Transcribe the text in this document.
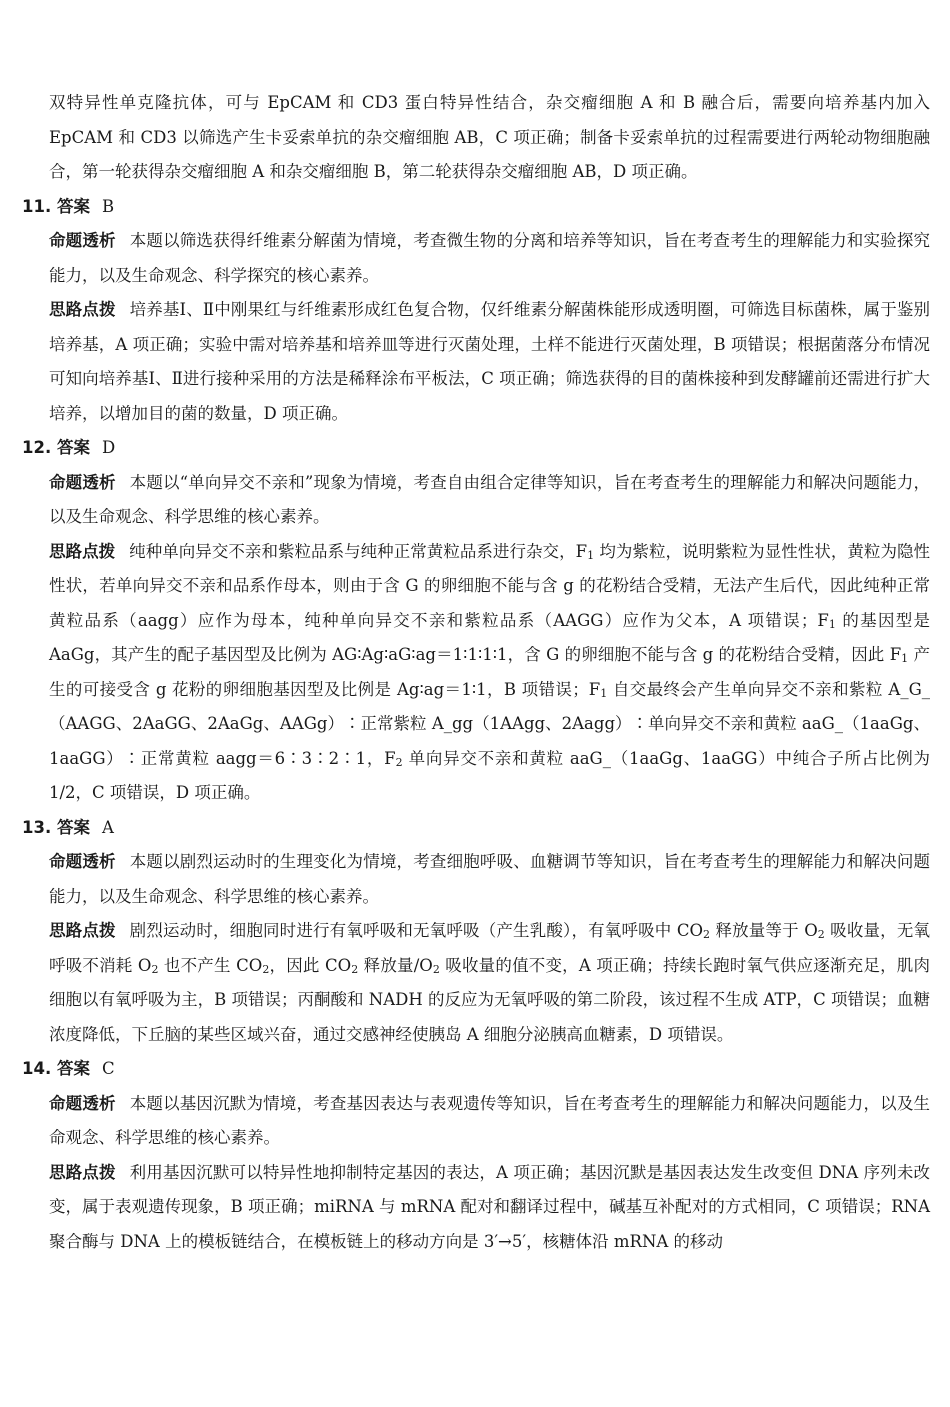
双特异性单克隆抗体，可与 EpCAM 和 CD3 蛋白特异性结合，杂交瘤细胞 A 和 B 融合后，需要向培养基内加入 EpCAM 和 CD3 以筛选产生卡妥索单抗的杂交瘤细胞 AB，C 项正确；制备卡妥索单抗的过程需要进行两轮动物细胞融合，第一轮获得杂交瘤细胞 A 和杂交瘤细胞 B，第二轮获得杂交瘤细胞 AB，D 项正确。

11. 答案 B

命题透析 本题以筛选获得纤维素分解菌为情境，考查微生物的分离和培养等知识，旨在考查考生的理解能力和实验探究能力，以及生命观念、科学探究的核心素养。

思路点拨 培养基Ⅰ、Ⅱ中刚果红与纤维素形成红色复合物，仅纤维素分解菌株能形成透明圈，可筛选目标菌株，属于鉴别培养基，A 项正确；实验中需对培养基和培养皿等进行灭菌处理，土样不能进行灭菌处理，B 项错误；根据菌落分布情况可知向培养基Ⅰ、Ⅱ进行接种采用的方法是稀释涂布平板法，C 项正确；筛选获得的目的菌株接种到发酵罐前还需进行扩大培养，以增加目的菌的数量，D 项正确。

12. 答案 D

命题透析 本题以“单向异交不亲和”现象为情境，考查自由组合定律等知识，旨在考查考生的理解能力和解决问题能力，以及生命观念、科学思维的核心素养。

思路点拨 纯种单向异交不亲和紫粒品系与纯种正常黄粒品系进行杂交，$F_1$ 均为紫粒，说明紫粒为显性性状，黄粒为隐性性状，若单向异交不亲和品系作母本，则由于含 G 的卵细胞不能与含 g 的花粉结合受精，无法产生后代，因此纯种正常黄粒品系（aagg）应作为母本，纯种单向异交不亲和紫粒品系（AAGG）应作为父本，A 项错误；$F_1$ 的基因型是 AaGg，其产生的配子基因型及比例为 AG∶Ag∶aG∶ag＝1∶1∶1∶1，含 G 的卵细胞不能与含 g 的花粉结合受精，因此 $F_1$ 产生的可接受含 g 花粉的卵细胞基因型及比例是 Ag∶ag＝1∶1，B 项错误；$F_1$ 自交最终会产生单向异交不亲和紫粒 A_G_（AAGG、2AaGG、2AaGg、AAGg）∶正常紫粒 A_gg（1AAgg、2Aagg）∶单向异交不亲和黄粒 aaG_（1aaGg、1aaGG）∶正常黄粒 aagg＝6∶3∶2∶1，$F_2$ 单向异交不亲和黄粒 aaG_（1aaGg、1aaGG）中纯合子所占比例为 1/2，C 项错误，D 项正确。

13. 答案 A

命题透析 本题以剧烈运动时的生理变化为情境，考查细胞呼吸、血糖调节等知识，旨在考查考生的理解能力和解决问题能力，以及生命观念、科学思维的核心素养。

思路点拨 剧烈运动时，细胞同时进行有氧呼吸和无氧呼吸（产生乳酸），有氧呼吸中 $CO_2$ 释放量等于 $O_2$ 吸收量，无氧呼吸不消耗 $O_2$ 也不产生 $CO_2$，因此 $CO_2$ 释放量$/O_2$ 吸收量的值不变，A 项正确；持续长跑时氧气供应逐渐充足，肌肉细胞以有氧呼吸为主，B 项错误；丙酮酸和 NADH 的反应为无氧呼吸的第二阶段，该过程不生成 ATP，C 项错误；血糖浓度降低，下丘脑的某些区域兴奋，通过交感神经使胰岛 A 细胞分泌胰高血糖素，D 项错误。

14. 答案 C

命题透析 本题以基因沉默为情境，考查基因表达与表观遗传等知识，旨在考查考生的理解能力和解决问题能力，以及生命观念、科学思维的核心素养。

思路点拨 利用基因沉默可以特异性地抑制特定基因的表达，A 项正确；基因沉默是基因表达发生改变但 DNA 序列未改变，属于表观遗传现象，B 项正确；miRNA 与 mRNA 配对和翻译过程中，碱基互补配对的方式相同，C 项错误；RNA 聚合酶与 DNA 上的模板链结合，在模板链上的移动方向是 3′→5′，核糖体沿 mRNA 的移动
